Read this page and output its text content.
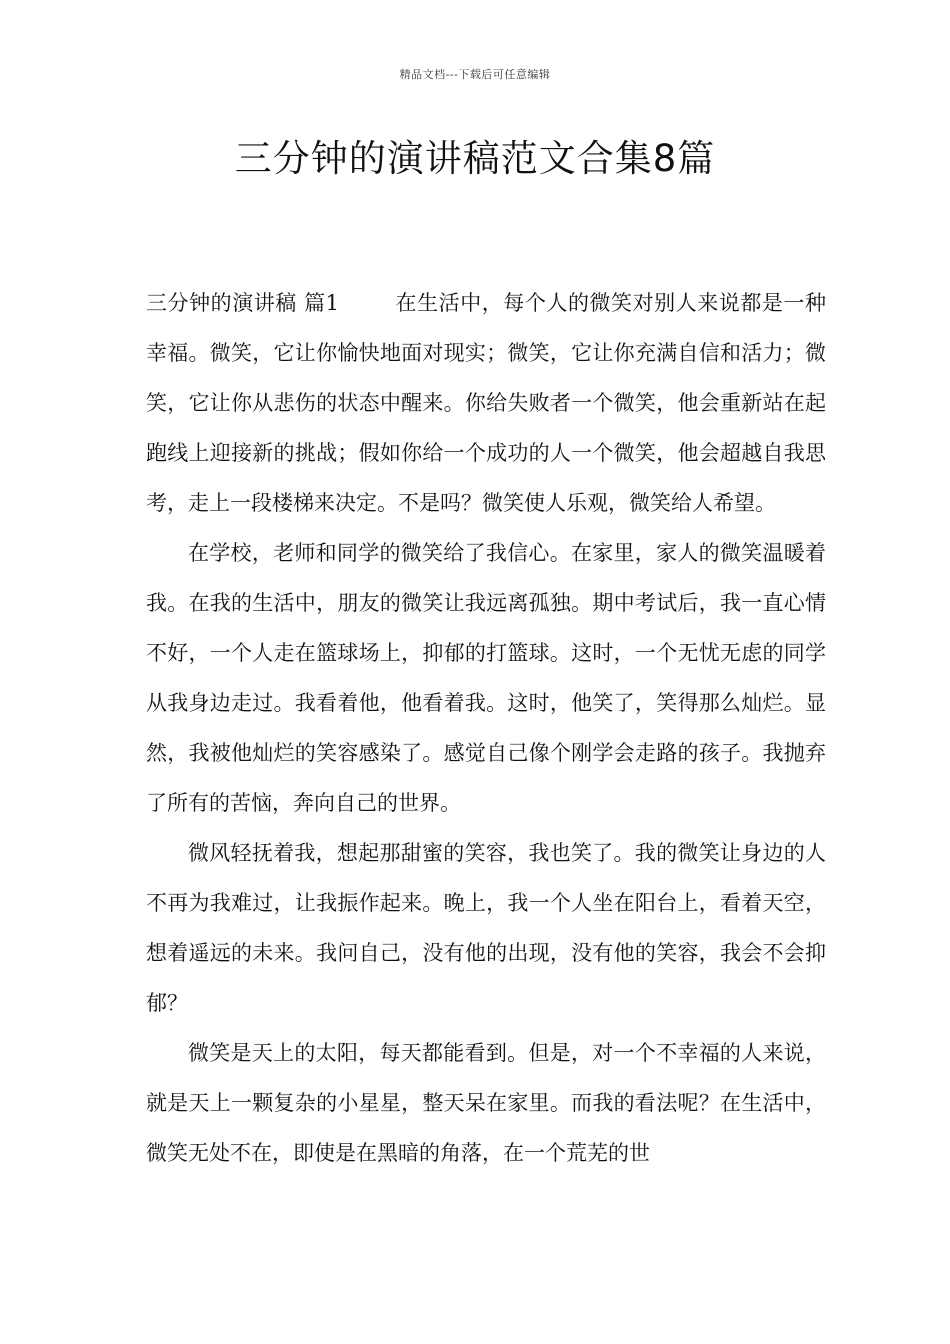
精品文档---下载后可任意编辑
三分钟的演讲稿范文合集8篇

三分钟的演讲稿 篇1	在生活中，每个人的微笑对别人来说都是一种幸福。微笑，它让你愉快地面对现实；微笑，它让你充满自信和活力；微笑，它让你从悲伤的状态中醒来。你给失败者一个微笑，他会重新站在起跑线上迎接新的挑战；假如你给一个成功的人一个微笑，他会超越自我思考，走上一段楼梯来决定。不是吗？微笑使人乐观，微笑给人希望。

在学校，老师和同学的微笑给了我信心。在家里，家人的微笑温暖着我。在我的生活中，朋友的微笑让我远离孤独。期中考试后，我一直心情不好，一个人走在篮球场上，抑郁的打篮球。这时，一个无忧无虑的同学从我身边走过。我看着他，他看着我。这时，他笑了，笑得那么灿烂。显然，我被他灿烂的笑容感染了。感觉自己像个刚学会走路的孩子。我抛弃了所有的苦恼，奔向自己的世界。

微风轻抚着我，想起那甜蜜的笑容，我也笑了。我的微笑让身边的人不再为我难过，让我振作起来。晚上，我一个人坐在阳台上，看着天空，想着遥远的未来。我问自己，没有他的出现，没有他的笑容，我会不会抑郁？

微笑是天上的太阳，每天都能看到。但是，对一个不幸福的人来说，就是天上一颗复杂的小星星，整天呆在家里。而我的看法呢？在生活中，微笑无处不在，即使是在黑暗的角落，在一个荒芜的世
